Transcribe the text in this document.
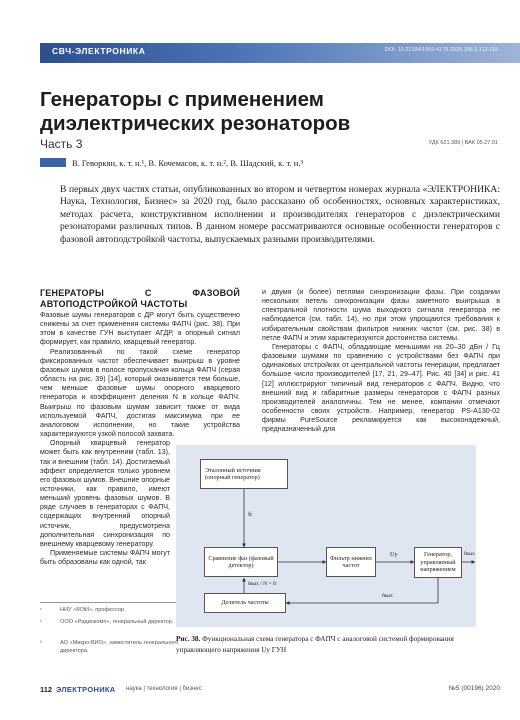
СВЧ-ЭЛЕКТРОНИКА	DOI: 10.22184/1992-4178.2020.196.5.112.119
Генераторы с применением
диэлектрических резонаторов
Часть 3	УДК 621.389 | ВАК 05.27.01
В. Геворкян, к. т. н.¹, В. Кочемасов, к. т. н.², В. Шадский, к. т. н.³
В первых двух частях статьи, опубликованных во втором и четвертом номерах журнала «ЭЛЕКТРОНИКА: Наука, Технология, Бизнес» за 2020 год, было рассказано об особенностях, основных характеристиках, методах расчета, конструктивном исполнении и производителях генераторов с диэлектрическими резонаторами различных типов. В данном номере рассматриваются основные особенности генераторов с фазовой автоподстройкой частоты, выпускаемых разными производителями.
ГЕНЕРАТОРЫ С ФАЗОВОЙ АВТОПОДСТРОЙКОЙ ЧАСТОТЫ

Фазовые шумы генераторов с ДР могут быть существенно снижены за счет применения системы ФАПЧ (рис. 38). При этом в качестве ГУН выступает АГДР, а опорный сигнал формирует, как правило, кварцевый генератор.

Реализованный по такой схеме генератор фиксированных частот обеспечивает выигрыш в уровне фазовых шумов в полосе пропускания кольца ФАПЧ (серая область на рис. 39) [14], который оказывается тем больше, чем меньше фазовые шумы опорного кварцевого генератора и коэффициент деления N в кольце ФАПЧ. Выигрыш по фазовым шумам зависит также от вида используемой ФАПЧ, достигая максимума при ее аналоговом исполнении, но такие устройства характеризуются узкой полосой захвата.

Опорный кварцевый генератор может быть как внутренним (табл. 13), так и внешним (табл. 14). Достигаемый эффект определяется только уровнем его фазовых шумов. Внешние опорные источники, как правило, имеют меньший уровень фазовых шумов. В ряде случаев в генераторах с ФАПЧ, содержащих внутренний опорный источник, предусмотрена дополнительная синхронизация по внешнему кварцевому генератору.

Применяемые системы ФАПЧ могут быть образованы как одной, так

и двумя (и более) петлями синхронизации фазы. При создании нескольких петель синхронизации фазы заметного выигрыша в спектральной плотности шума выходного сигнала генератора не наблюдается (см. табл. 14), но при этом упрощаются требования к избирательным свойствам фильтров нижних частот (см. рис. 38) в петле ФАПЧ и этим характеризуются достоинства системы.

Генераторы с ФАПЧ, обладающие меньшими на 20–30 дБн / Гц фазовыми шумами по сравнению с устройствами без ФАПЧ при одинаковых отстройках от центральной частоты генерации, предлагает большое число производителей [17, 21, 29–47]. Рис. 40 [34] и рис. 41 [12] иллюстрируют типичный вид генераторов с ФАПЧ. Видно, что внешний вид и габаритные размеры генераторов с ФАПЧ разных производителей аналогичны. Тем не менее, компании отмечают особенности своих устройств. Например, генератор PS-A130-02 фирмы PureSource рекламируется как высоконадежный, предназначенный для

¹	НИУ «МЭИ», профессор.
²	ООО «Радиокомп», генеральный директор.
³	АО «Микро-ВИО», заместитель генерального директора.
Эталонный источник (опорный генератор)
Сравнение фаз (фазовый детектор)
Фильтр нижних частот
Генератор, управляемый напряжением
Делитель частоты
fr
Uу	fвых
fвых / N = fr
fвых
Рис. 38. Функциональная схема генератора с ФАПЧ с аналоговой системой формирования управляющего напряжения Uу ГУН
112 ЭЛЕКТРОНИКА наука | технология | бизнес	№5 (00196) 2020
